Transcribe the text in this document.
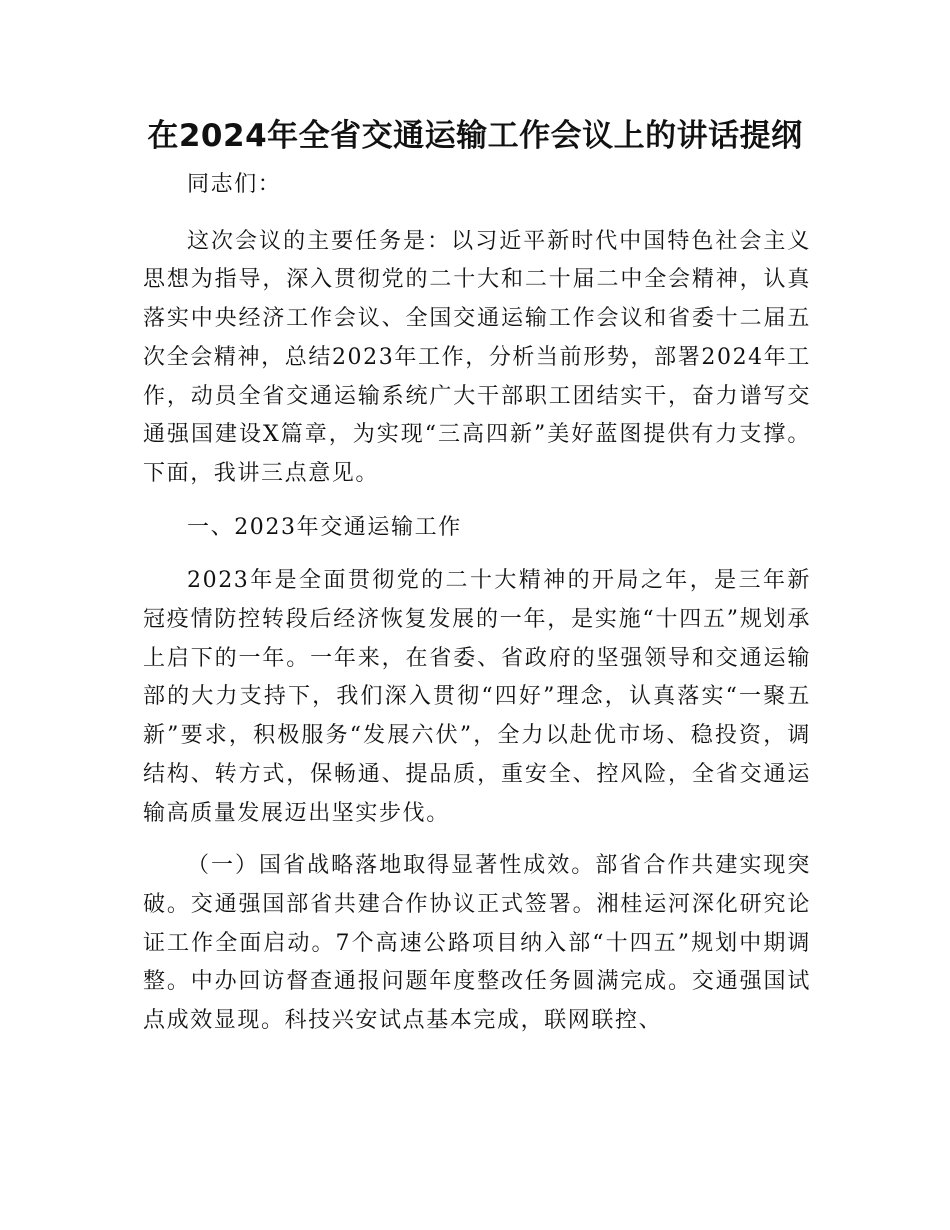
在2024年全省交通运输工作会议上的讲话提纲

同志们：

这次会议的主要任务是：以习近平新时代中国特色社会主义思想为指导，深入贯彻党的二十大和二十届二中全会精神，认真落实中央经济工作会议、全国交通运输工作会议和省委十二届五次全会精神，总结2023年工作，分析当前形势，部署2024年工作，动员全省交通运输系统广大干部职工团结实干，奋力谱写交通强国建设X篇章，为实现“三高四新”美好蓝图提供有力支撑。下面，我讲三点意见。

一、2023年交通运输工作

2023年是全面贯彻党的二十大精神的开局之年，是三年新冠疫情防控转段后经济恢复发展的一年，是实施“十四五”规划承上启下的一年。一年来，在省委、省政府的坚强领导和交通运输部的大力支持下，我们深入贯彻“四好”理念，认真落实“一聚五新”要求，积极服务“发展六伏”，全力以赴优市场、稳投资，调结构、转方式，保畅通、提品质，重安全、控风险，全省交通运输高质量发展迈出坚实步伐。

（一）国省战略落地取得显著性成效。部省合作共建实现突破。交通强国部省共建合作协议正式签署。湘桂运河深化研究论证工作全面启动。7个高速公路项目纳入部“十四五”规划中期调整。中办回访督查通报问题年度整改任务圆满完成。交通强国试点成效显现。科技兴安试点基本完成，联网联控、
